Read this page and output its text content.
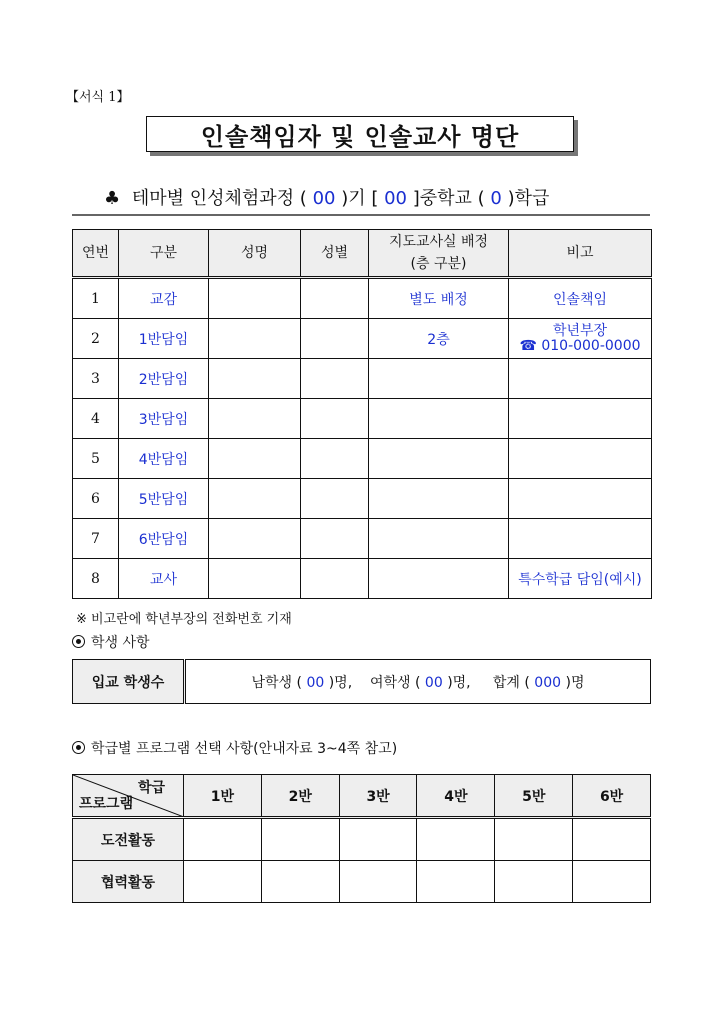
【서식 1】
인솔책임자 및 인솔교사 명단
♣ 테마별 인성체험과정 ( 00 )기 [ 00 ]중학교 ( 0 )학급
연번	구분	성명	성별	지도교사실 배정
(층 구분)	비고
1	교감			별도 배정	인솔책임
2	1반담임			2층	학년부장
☎ 010-000-0000

3	2반담임				
4	3반담임				
5	4반담임				
6	5반담임				
7	6반담임				
8	교사				특수학급 담임(예시)
※ 비고란에 학년부장의 전화번호 기재
학생 사항
입교 학생수	남학생 ( 00 )명,    여학생 ( 00 )명,     합계 ( 000 )명
학급별 프로그램 선택 사항(안내자료 3~4쪽 참고)
학급
프로그램	1반	2반	3반	4반	5반	6반
도전활동						
협력활동						
